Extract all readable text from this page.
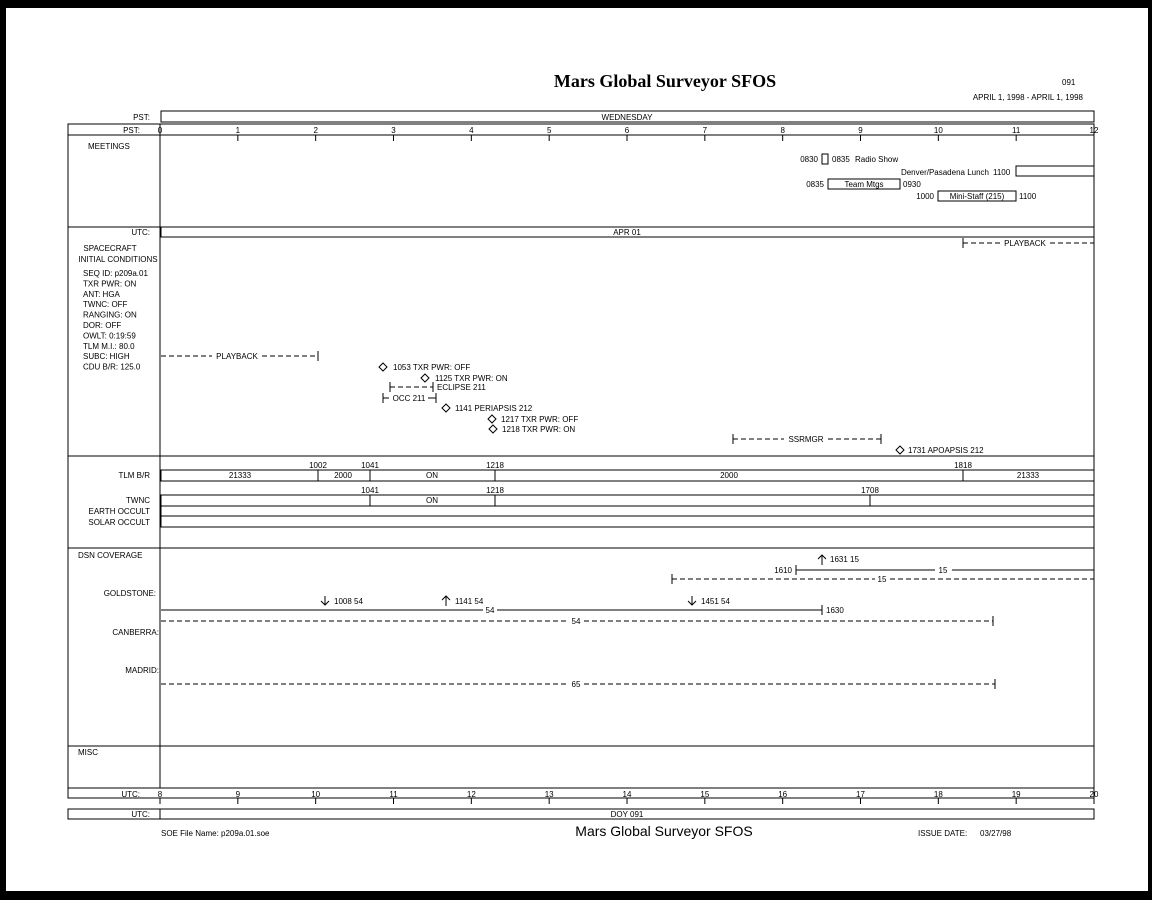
Mars Global Surveyor SFOS	091
APRIL 1, 1998 - APRIL 1, 1998
PST:	WEDNESDAY
PST: 0	1	2	3	4	5	6	7	8	9	10	11	12
MEETINGS
0830 0835 Radio Show
Denver/Pasadena Lunch 1100
0835	Team Mtgs 0930
1000 Mini-Staff (215) 1100
UTC:	APR 01
SPACECRAFT
INITIAL CONDITIONS
SEQ ID: p209a.01
TXR PWR: ON
ANT: HGA
TWNC: OFF
RANGING: ON
DOR: OFF
OWLT: 0:19:59
TLM M.I.: 80.0
SUBC: HIGH
CDU B/R: 125.0
PLAYBACK
PLAYBACK
1053 TXR PWR: OFF
1125 TXR PWR: ON
ECLIPSE 211
OCC 211
1141 PERIAPSIS 212
1217 TXR PWR: OFF
1218 TXR PWR: ON
SSRMGR
1731 APOAPSIS 212
TLM B/R
1002	1041	1218	1818
21333	2000	ON	2000	21333
TWNC
1041	1218	1708
ON
EARTH OCCULT
SOLAR OCCULT
DSN COVERAGE
GOLDSTONE:
CANBERRA:
MADRID:
1631 15
1610	15
15
1008 54	1141 54	1451 54
54	1630
54
65
MISC
UTC: 8	9	10	11	12	13	14	15	16	17	18	19	20
UTC:	DOY 091
SOE File Name: p209a.01.soe	Mars Global Surveyor SFOS	ISSUE DATE: 03/27/98
